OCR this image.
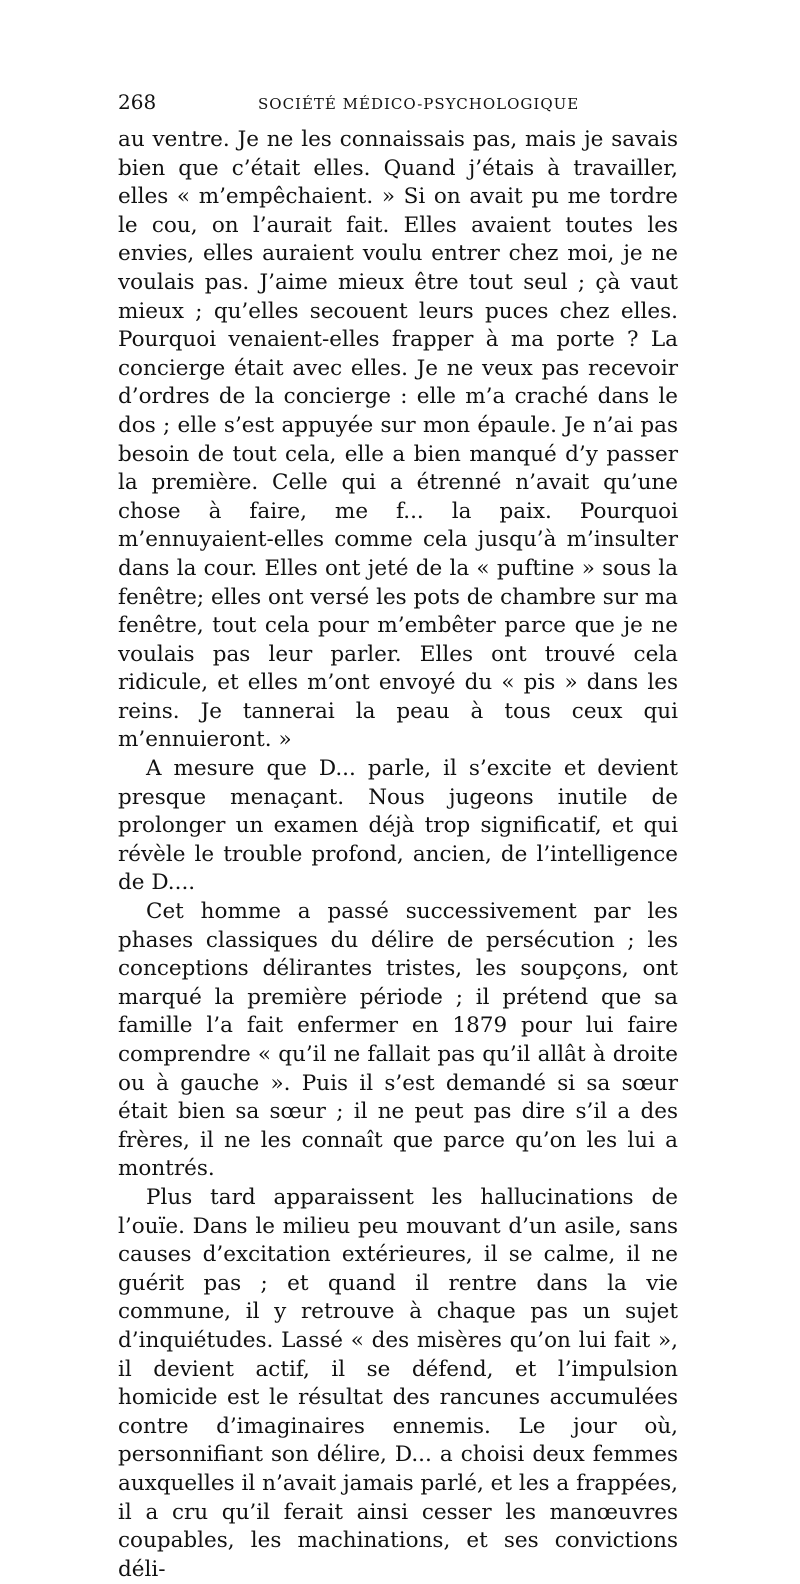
268	SOCIÉTÉ MÉDICO-PSYCHOLOGIQUE

au ventre. Je ne les connaissais pas, mais je savais bien que c’était elles. Quand j’étais à travailler, elles « m’empêchaient. » Si on avait pu me tordre le cou, on l’aurait fait. Elles avaient toutes les envies, elles auraient voulu entrer chez moi, je ne voulais pas. J’aime mieux être tout seul ; çà vaut mieux ; qu’elles secouent leurs puces chez elles. Pourquoi venaient-elles frapper à ma porte ? La concierge était avec elles. Je ne veux pas recevoir d’ordres de la concierge : elle m’a craché dans le dos ; elle s’est appuyée sur mon épaule. Je n’ai pas besoin de tout cela, elle a bien manqué d’y passer la première. Celle qui a étrenné n’avait qu’une chose à faire, me f... la paix. Pourquoi m’ennuyaient-elles comme cela jusqu’à m’insulter dans la cour. Elles ont jeté de la « puftine » sous la fenêtre; elles ont versé les pots de chambre sur ma fenêtre, tout cela pour m’embêter parce que je ne voulais pas leur parler. Elles ont trouvé cela ridicule, et elles m’ont envoyé du « pis » dans les reins. Je tannerai la peau à tous ceux qui m’ennuieront. »

A mesure que D... parle, il s’excite et devient presque menaçant. Nous jugeons inutile de prolonger un examen déjà trop significatif, et qui révèle le trouble profond, ancien, de l’intelligence de D....

Cet homme a passé successivement par les phases classiques du délire de persécution ; les conceptions délirantes tristes, les soupçons, ont marqué la première période ; il prétend que sa famille l’a fait enfermer en 1879 pour lui faire comprendre « qu’il ne fallait pas qu’il allât à droite ou à gauche ». Puis il s’est demandé si sa sœur était bien sa sœur ; il ne peut pas dire s’il a des frères, il ne les connaît que parce qu’on les lui a montrés.

Plus tard apparaissent les hallucinations de l’ouïe. Dans le milieu peu mouvant d’un asile, sans causes d’excitation extérieures, il se calme, il ne guérit pas ; et quand il rentre dans la vie commune, il y retrouve à chaque pas un sujet d’inquiétudes. Lassé « des misères qu’on lui fait », il devient actif, il se défend, et l’impulsion homicide est le résultat des rancunes accumulées contre d’imaginaires ennemis. Le jour où, personnifiant son délire, D... a choisi deux femmes auxquelles il n’avait jamais parlé, et les a frappées, il a cru qu’il ferait ainsi cesser les manœuvres coupables, les machinations, et ses convictions déli-
